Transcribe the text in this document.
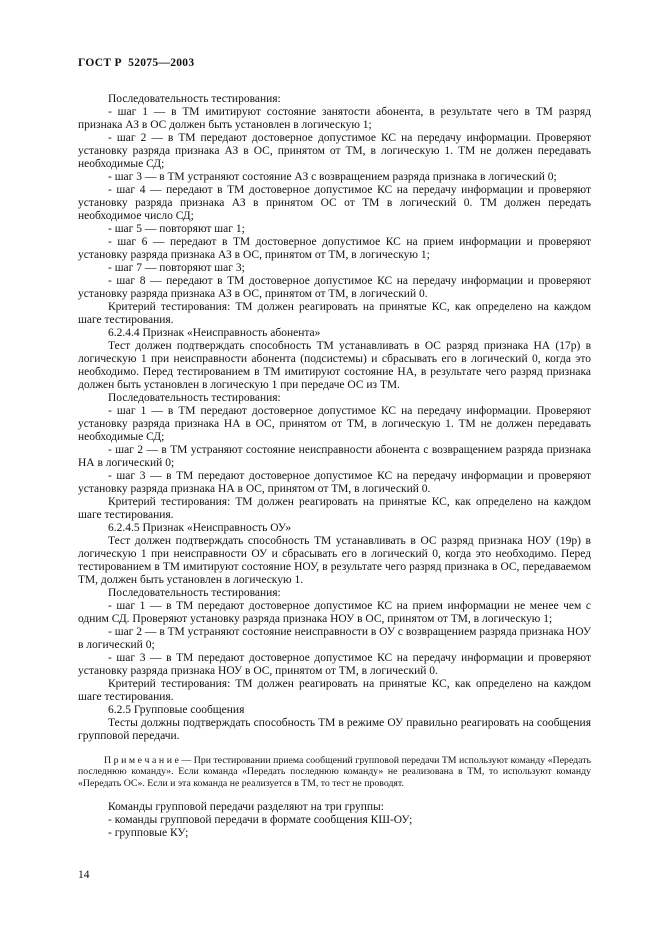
ГОСТ Р  52075—2003
Последовательность тестирования:
- шаг 1 — в ТМ имитируют состояние занятости абонента, в результате чего в ТМ разряд признака АЗ в ОС должен быть установлен в логическую 1;
- шаг 2 — в ТМ передают достоверное допустимое КС на передачу информации. Проверяют установку разряда признака АЗ в ОС, принятом от ТМ, в логическую 1. ТМ не должен передавать необходимые СД;
- шаг 3 — в ТМ устраняют состояние АЗ с возвращением разряда признака в логический 0;
- шаг 4 — передают в ТМ достоверное допустимое КС на передачу информации и проверяют установку разряда признака АЗ в принятом ОС от ТМ в логический 0. ТМ должен передать необходимое число СД;
- шаг 5 — повторяют шаг 1;
- шаг 6 — передают в ТМ достоверное допустимое КС на прием информации и проверяют установку разряда признака АЗ в ОС, принятом от ТМ, в логическую 1;
- шаг 7 — повторяют шаг 3;
- шаг 8 — передают в ТМ достоверное допустимое КС на передачу информации и проверяют установку разряда признака АЗ в ОС, принятом от ТМ, в логический 0.
Критерий тестирования: ТМ должен реагировать на принятые КС, как определено на каждом шаге тестирования.
6.2.4.4 Признак «Неисправность абонента»
Тест должен подтверждать способность ТМ устанавливать в ОС разряд признака НА (17р) в логическую 1 при неисправности абонента (подсистемы) и сбрасывать его в логический 0, когда это необходимо. Перед тестированием в ТМ имитируют состояние НА, в результате чего разряд признака должен быть установлен в логическую 1 при передаче ОС из ТМ.
Последовательность тестирования:
- шаг 1 — в ТМ передают достоверное допустимое КС на передачу информации. Проверяют установку разряда признака НА в ОС, принятом от ТМ, в логическую 1. ТМ не должен передавать необходимые СД;
- шаг 2 — в ТМ устраняют состояние неисправности абонента с возвращением разряда признака НА в логический 0;
- шаг 3 — в ТМ передают достоверное допустимое КС на передачу информации и проверяют установку разряда признака НА в ОС, принятом от ТМ, в логический 0.
Критерий тестирования: ТМ должен реагировать на принятые КС, как определено на каждом шаге тестирования.
6.2.4.5 Признак «Неисправность ОУ»
Тест должен подтверждать способность ТМ устанавливать в ОС разряд признака НОУ (19р) в логическую 1 при неисправности ОУ и сбрасывать его в логический 0, когда это необходимо. Перед тестированием в ТМ имитируют состояние НОУ, в результате чего разряд признака в ОС, передаваемом ТМ, должен быть установлен в логическую 1.
Последовательность тестирования:
- шаг 1 — в ТМ передают достоверное допустимое КС на прием информации не менее чем с одним СД. Проверяют установку разряда признака НОУ в ОС, принятом от ТМ, в логическую 1;
- шаг 2 — в ТМ устраняют состояние неисправности в ОУ с возвращением разряда признака НОУ в логический 0;
- шаг 3 — в ТМ передают достоверное допустимое КС на передачу информации и проверяют установку разряда признака НОУ в ОС, принятом от ТМ, в логический 0.
Критерий тестирования: ТМ должен реагировать на принятые КС, как определено на каждом шаге тестирования.
6.2.5 Групповые сообщения
Тесты должны подтверждать способность ТМ в режиме ОУ правильно реагировать на сообщения групповой передачи.
П р и м е ч а н и е — При тестировании приема сообщений групповой передачи ТМ используют команду «Передать последнюю команду». Если команда «Передать последнюю команду» не реализована в ТМ, то используют команду «Передать ОС». Если и эта команда не реализуется в ТМ, то тест не проводят.
Команды групповой передачи разделяют на три группы:
- команды групповой передачи в формате сообщения КШ-ОУ;
- групповые КУ;
14
